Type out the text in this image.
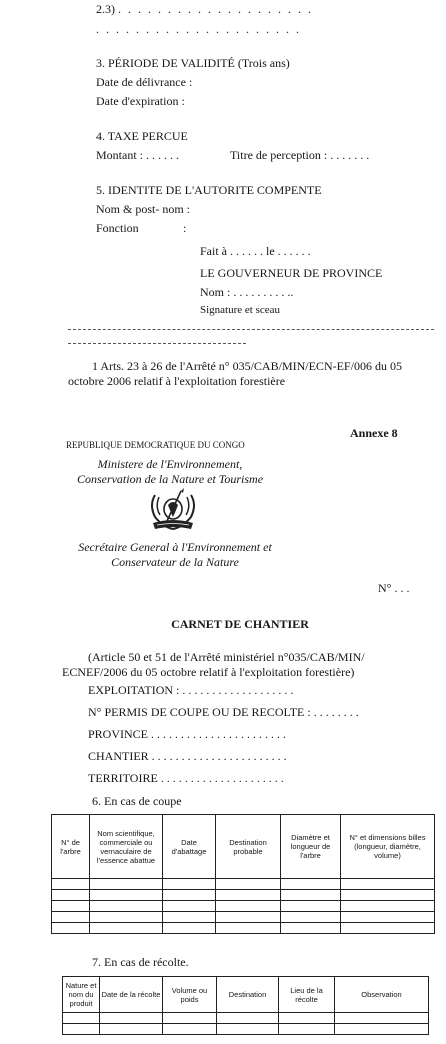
2.3) . . . . . . . . . . . . . . . . . . . .
. . . . . . . . . . . . . . . . . . . . .
3. PÉRIODE DE VALIDITÉ (Trois ans)
Date de délivrance :
Date d'expiration :
4. TAXE PERCUE
Montant : . . . . . .	Titre de perception : . . . . . . .
5. IDENTITE DE L'AUTORITE COMPENTE
Nom & post- nom :
Fonction	:
Fait à . . . . . . le . . . . . .
LE GOUVERNEUR DE PROVINCE
Nom : . . . . . . . . . ..
Signature et sceau
1 Arts. 23 à 26 de l'Arrêté n° 035/CAB/MIN/ECN-EF/006 du 05
octobre 2006 relatif à l'exploitation forestière
Annexe 8
REPUBLIQUE DEMOCRATIQUE DU CONGO
Ministere de l'Environnement,
Conservation de la Nature et Tourisme
Secrétaire General à l'Environnement et
Conservateur de la Nature
N° . . .
CARNET DE CHANTIER
(Article 50 et 51 de l'Arrêté ministériel n°035/CAB/MIN/
ECNEF/2006 du 05 octobre relatif à l'exploitation forestière)
EXPLOITATION : . . . . . . . . . . . . . . . . . . .
N° PERMIS DE COUPE OU DE RECOLTE : . . . . . . . .
PROVINCE . . . . . . . . . . . . . . . . . . . . . . .
CHANTIER . . . . . . . . . . . . . . . . . . . . . . .
TERRITOIRE . . . . . . . . . . . . . . . . . . . . .
6. En cas de coupe
N° de l'arbre	Nom scientifique, commerciale ou vernaculaire de l'essence abattue	Date d'abattage	Destination probable	Diamètre et longueur de l'arbre	N° et dimensions billes (longueur, diamètre, volume)

7. En cas de récolte.
Nature et nom du produit	Date de la récolte	Volume ou poids	Destination	Lieu de la récolte	Observation
